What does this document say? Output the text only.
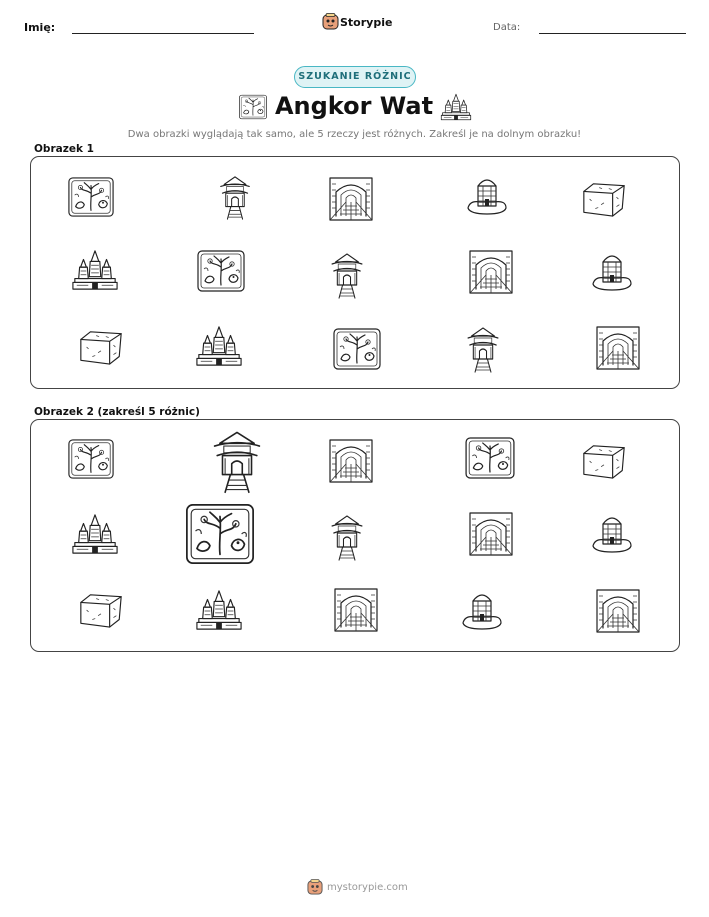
Imię:	Storypie	Data:
SZUKANIE RÓŻNIC
Angkor Wat
Dwa obrazki wyglądają tak samo, ale 5 rzeczy jest różnych. Zakreśl je na dolnym obrazku!
Obrazek 1
Obrazek 2 (zakreśl 5 różnic)
mystorypie.com
